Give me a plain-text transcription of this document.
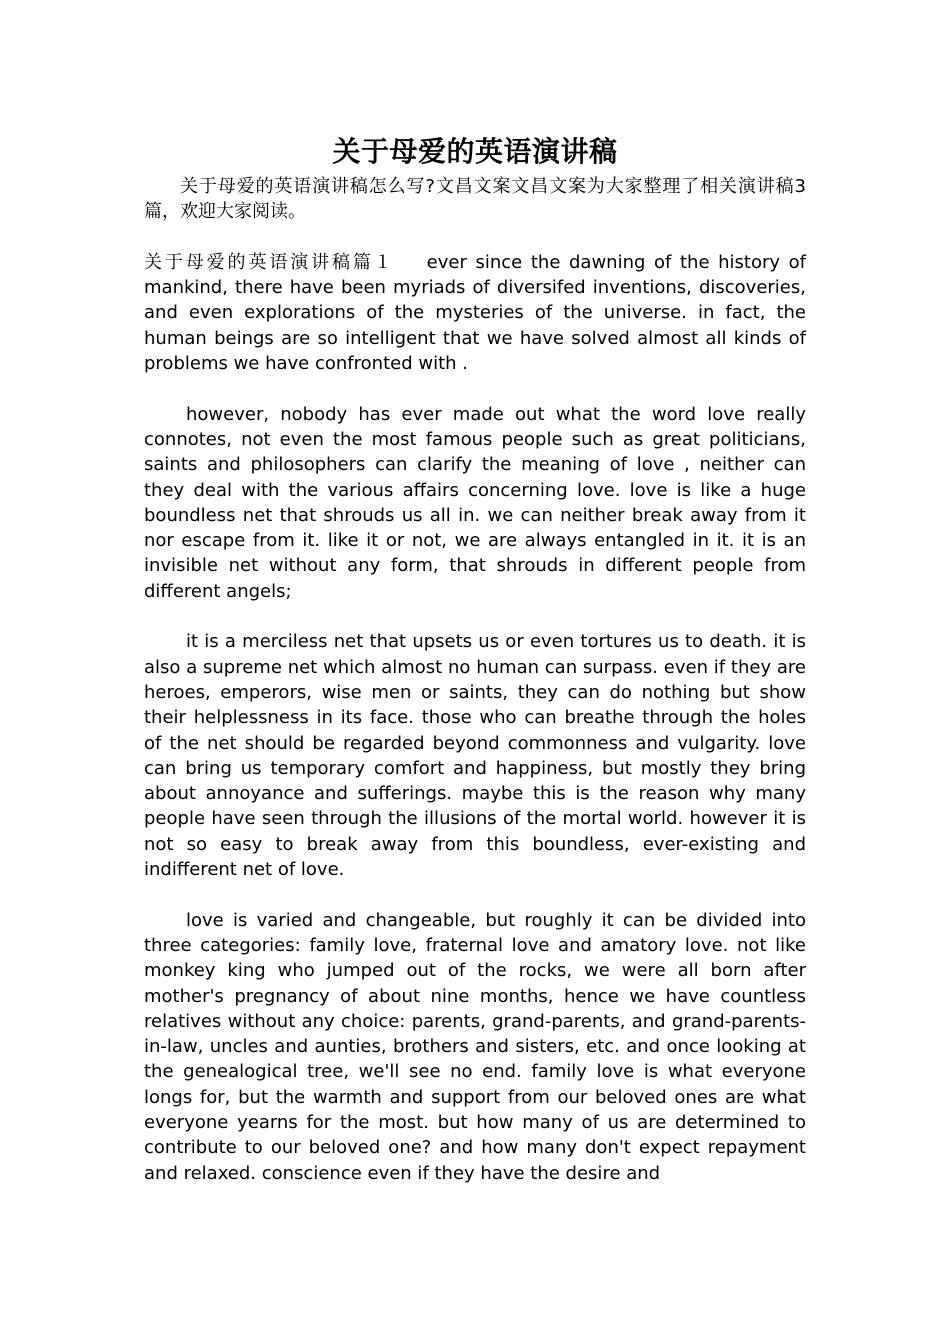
关于母爱的英语演讲稿

关于母爱的英语演讲稿怎么写?文昌文案文昌文案为大家整理了相关演讲稿3篇，欢迎大家阅读。

关于母爱的英语演讲稿篇１ ever since the dawning of the history of mankind, there have been myriads of diversifed inventions, discoveries, and even explorations of the mysteries of the universe. in fact, the human beings are so intelligent that we have solved almost all kinds of problems we have confronted with .

however, nobody has ever made out what the word love really connotes, not even the most famous people such as great politicians, saints and philosophers can clarify the meaning of love , neither can they deal with the various affairs concerning love. love is like a huge boundless net that shrouds us all in. we can neither break away from it nor escape from it. like it or not, we are always entangled in it. it is an invisible net without any form, that shrouds in different people from different angels;

it is a merciless net that upsets us or even tortures us to death. it is also a supreme net which almost no human can surpass. even if they are heroes, emperors, wise men or saints, they can do nothing but show their helplessness in its face. those who can breathe through the holes of the net should be regarded beyond commonness and vulgarity. love can bring us temporary comfort and happiness, but mostly they bring about annoyance and sufferings. maybe this is the reason why many people have seen through the illusions of the mortal world. however it is not so easy to break away from this boundless, ever-existing and indifferent net of love.

love is varied and changeable, but roughly it can be divided into three categories: family love, fraternal love and amatory love. not like monkey king who jumped out of the rocks, we were all born after mother's pregnancy of about nine months, hence we have countless relatives without any choice: parents, grand-parents, and grand-parents-in-law, uncles and aunties, brothers and sisters, etc. and once looking at the genealogical tree, we'll see no end. family love is what everyone longs for, but the warmth and support from our beloved ones are what everyone yearns for the most. but how many of us are determined to contribute to our beloved one? and how many don't expect repayment and relaxed. conscience even if they have the desire and
